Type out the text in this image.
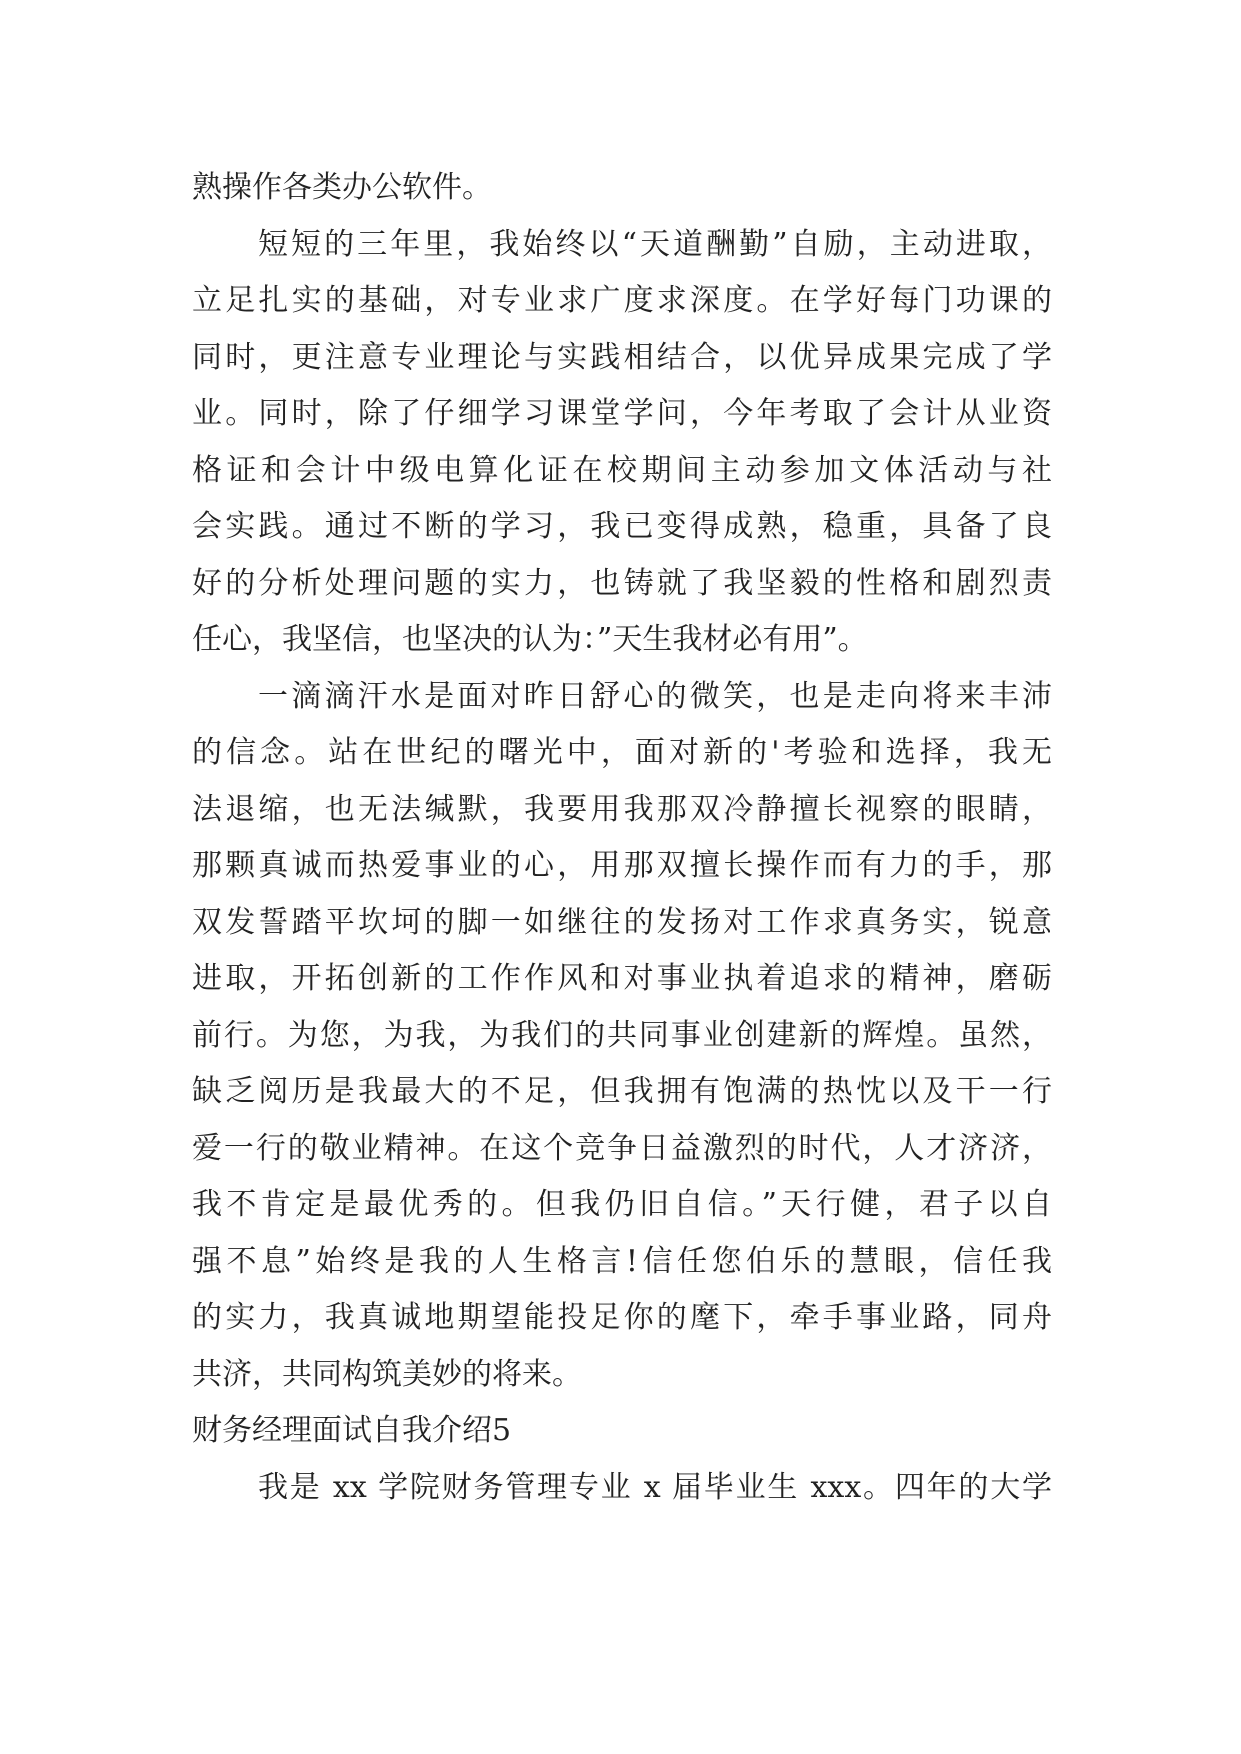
熟操作各类办公软件。
短短的三年里，我始终以“天道酬勤”自励，主动进取，
立足扎实的基础，对专业求广度求深度。在学好每门功课的
同时，更注意专业理论与实践相结合，以优异成果完成了学
业。同时，除了仔细学习课堂学问，今年考取了会计从业资
格证和会计中级电算化证在校期间主动参加文体活动与社
会实践。通过不断的学习，我已变得成熟，稳重，具备了良
好的分析处理问题的实力，也铸就了我坚毅的性格和剧烈责
任心，我坚信，也坚决的认为：”天生我材必有用”。
一滴滴汗水是面对昨日舒心的微笑，也是走向将来丰沛
的信念。站在世纪的曙光中，面对新的'考验和选择，我无
法退缩，也无法缄默，我要用我那双冷静擅长视察的眼睛，
那颗真诚而热爱事业的心，用那双擅长操作而有力的手，那
双发誓踏平坎坷的脚一如继往的发扬对工作求真务实，锐意
进取，开拓创新的工作作风和对事业执着追求的精神，磨砺
前行。为您，为我，为我们的共同事业创建新的辉煌。虽然，
缺乏阅历是我最大的不足，但我拥有饱满的热忱以及干一行
爱一行的敬业精神。在这个竞争日益激烈的时代，人才济济，
我不肯定是最优秀的。但我仍旧自信。”天行健，君子以自
强不息”始终是我的人生格言!信任您伯乐的慧眼，信任我
的实力，我真诚地期望能投足你的麾下，牵手事业路，同舟
共济，共同构筑美妙的将来。
财务经理面试自我介绍5
我是 xx 学院财务管理专业 x 届毕业生 xxx。四年的大学
